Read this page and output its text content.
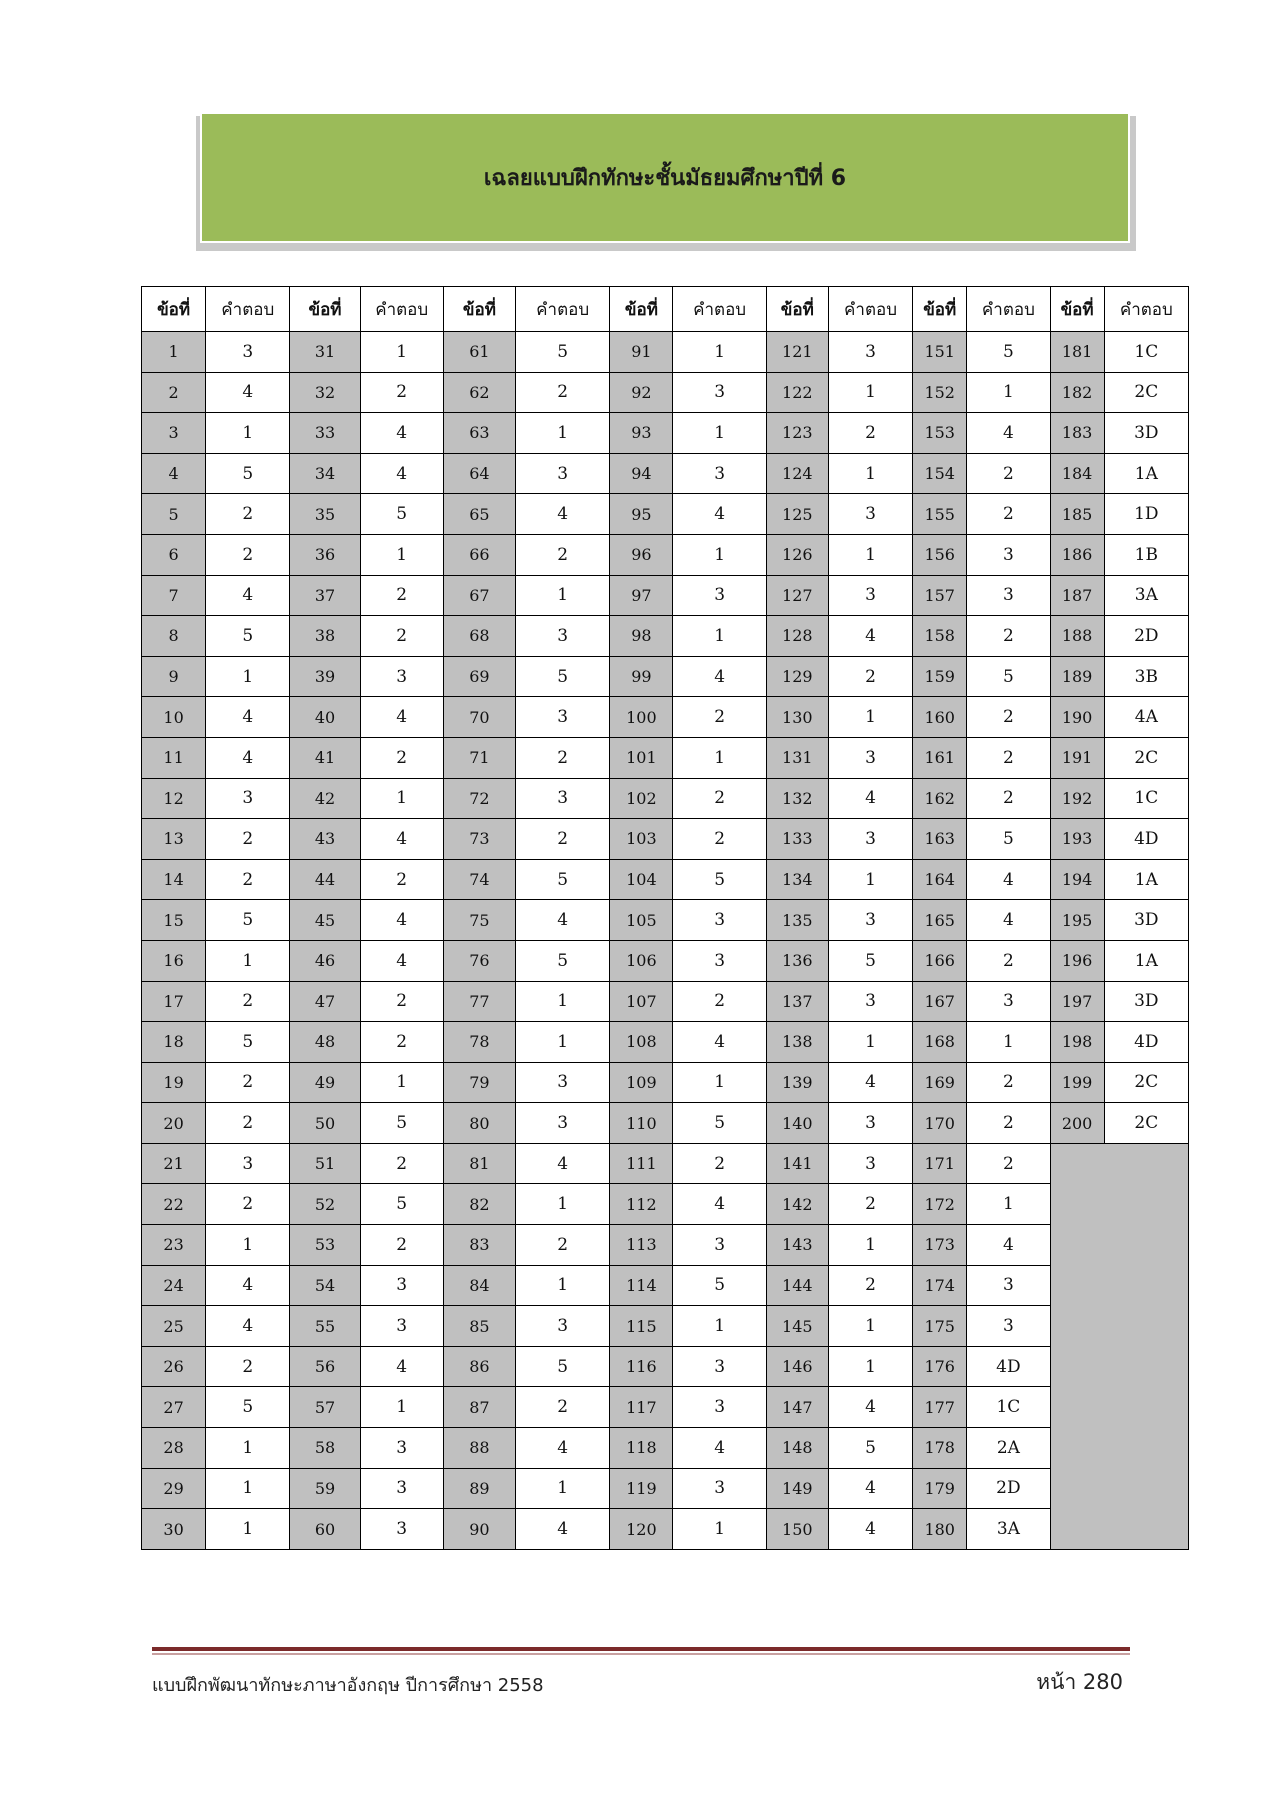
เฉลยแบบฝึกทักษะชั้นมัธยมศึกษาปีที่ 6
ข้อที่	คำตอบ	ข้อที่	คำตอบ	ข้อที่	คำตอบ	ข้อที่	คำตอบ	ข้อที่	คำตอบ	ข้อที่	คำตอบ	ข้อที่	คำตอบ
1	3	31	1	61	5	91	1	121	3	151	5	181	1C
2	4	32	2	62	2	92	3	122	1	152	1	182	2C
3	1	33	4	63	1	93	1	123	2	153	4	183	3D
4	5	34	4	64	3	94	3	124	1	154	2	184	1A
5	2	35	5	65	4	95	4	125	3	155	2	185	1D
6	2	36	1	66	2	96	1	126	1	156	3	186	1B
7	4	37	2	67	1	97	3	127	3	157	3	187	3A
8	5	38	2	68	3	98	1	128	4	158	2	188	2D
9	1	39	3	69	5	99	4	129	2	159	5	189	3B
10	4	40	4	70	3	100	2	130	1	160	2	190	4A
11	4	41	2	71	2	101	1	131	3	161	2	191	2C
12	3	42	1	72	3	102	2	132	4	162	2	192	1C
13	2	43	4	73	2	103	2	133	3	163	5	193	4D
14	2	44	2	74	5	104	5	134	1	164	4	194	1A
15	5	45	4	75	4	105	3	135	3	165	4	195	3D
16	1	46	4	76	5	106	3	136	5	166	2	196	1A
17	2	47	2	77	1	107	2	137	3	167	3	197	3D
18	5	48	2	78	1	108	4	138	1	168	1	198	4D
19	2	49	1	79	3	109	1	139	4	169	2	199	2C
20	2	50	5	80	3	110	5	140	3	170	2	200	2C
21	3	51	2	81	4	111	2	141	3	171	2		
22	2	52	5	82	1	112	4	142	2	172	1		
23	1	53	2	83	2	113	3	143	1	173	4		
24	4	54	3	84	1	114	5	144	2	174	3		
25	4	55	3	85	3	115	1	145	1	175	3		
26	2	56	4	86	5	116	3	146	1	176	4D		
27	5	57	1	87	2	117	3	147	4	177	1C		
28	1	58	3	88	4	118	4	148	5	178	2A		
29	1	59	3	89	1	119	3	149	4	179	2D		
30	1	60	3	90	4	120	1	150	4	180	3A		
แบบฝึกพัฒนาทักษะภาษาอังกฤษ ปีการศึกษา 2558	หน้า 280
